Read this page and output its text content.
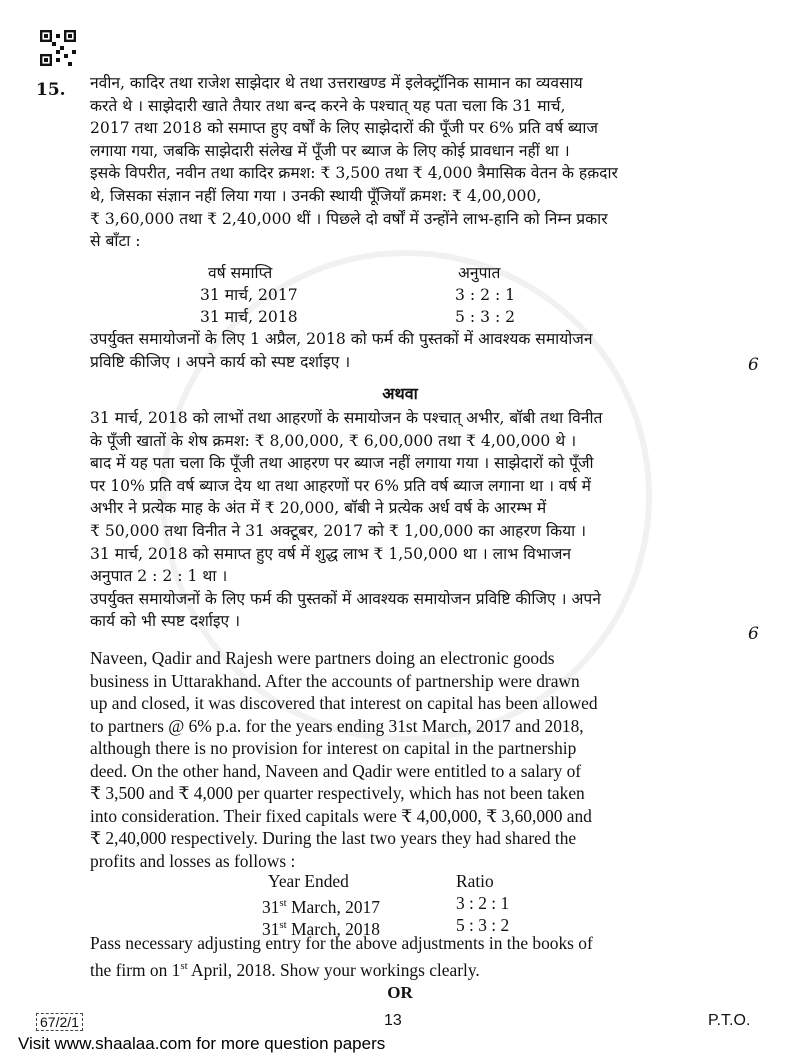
15. नवीन, कादिर तथा राजेश साझेदार थे तथा उत्तराखण्ड में इलेक्ट्रॉनिक सामान का व्यवसाय
करते थे । साझेदारी खाते तैयार तथा बन्द करने के पश्चात् यह पता चला कि 31 मार्च,
2017 तथा 2018 को समाप्त हुए वर्षों के लिए साझेदारों की पूँजी पर 6% प्रति वर्ष ब्याज
लगाया गया, जबकि साझेदारी संलेख में पूँजी पर ब्याज के लिए कोई प्रावधान नहीं था ।
इसके विपरीत, नवीन तथा कादिर क्रमश: ₹ 3,500 तथा ₹ 4,000 त्रैमासिक वेतन के हक़दार
थे, जिसका संज्ञान नहीं लिया गया । उनकी स्थायी पूँजियाँ क्रमश: ₹ 4,00,000,
₹ 3,60,000 तथा ₹ 2,40,000 थीं । पिछले दो वर्षों में उन्होंने लाभ-हानि को निम्न प्रकार
से बाँटा :
वर्ष समाप्ति	अनुपात
31 मार्च, 2017	3 : 2 : 1
31 मार्च, 2018	5 : 3 : 2
उपर्युक्त समायोजनों के लिए 1 अप्रैल, 2018 को फर्म की पुस्तकों में आवश्यक समायोजन
प्रविष्टि कीजिए । अपने कार्य को स्पष्ट दर्शाइए ।	6
अथवा
31 मार्च, 2018 को लाभों तथा आहरणों के समायोजन के पश्चात् अभीर, बॉबी तथा विनीत
के पूँजी खातों के शेष क्रमश: ₹ 8,00,000, ₹ 6,00,000 तथा ₹ 4,00,000 थे ।
बाद में यह पता चला कि पूँजी तथा आहरण पर ब्याज नहीं लगाया गया । साझेदारों को पूँजी
पर 10% प्रति वर्ष ब्याज देय था तथा आहरणों पर 6% प्रति वर्ष ब्याज लगाना था । वर्ष में
अभीर ने प्रत्येक माह के अंत में ₹ 20,000, बॉबी ने प्रत्येक अर्ध वर्ष के आरम्भ में
₹ 50,000 तथा विनीत ने 31 अक्टूबर, 2017 को ₹ 1,00,000 का आहरण किया ।
31 मार्च, 2018 को समाप्त हुए वर्ष में शुद्ध लाभ ₹ 1,50,000 था । लाभ विभाजन
अनुपात 2 : 2 : 1 था ।
उपर्युक्त समायोजनों के लिए फर्म की पुस्तकों में आवश्यक समायोजन प्रविष्टि कीजिए । अपने
कार्य को भी स्पष्ट दर्शाइए ।
6
Naveen, Qadir and Rajesh were partners doing an electronic goods
business in Uttarakhand. After the accounts of partnership were drawn
up and closed, it was discovered that interest on capital has been allowed
to partners @ 6% p.a. for the years ending 31st March, 2017 and 2018,
although there is no provision for interest on capital in the partnership
deed. On the other hand, Naveen and Qadir were entitled to a salary of
₹ 3,500 and ₹ 4,000 per quarter respectively, which has not been taken
into consideration. Their fixed capitals were ₹ 4,00,000, ₹ 3,60,000 and
₹ 2,40,000 respectively. During the last two years they had shared the
profits and losses as follows :
Year Ended	Ratio
31st March, 2017	3 : 2 : 1
31st March, 2018	5 : 3 : 2
Pass necessary adjusting entry for the above adjustments in the books of
the firm on 1st April, 2018. Show your workings clearly.
OR
67/2/1	13	P.T.O.
Visit www.shaalaa.com for more question papers
